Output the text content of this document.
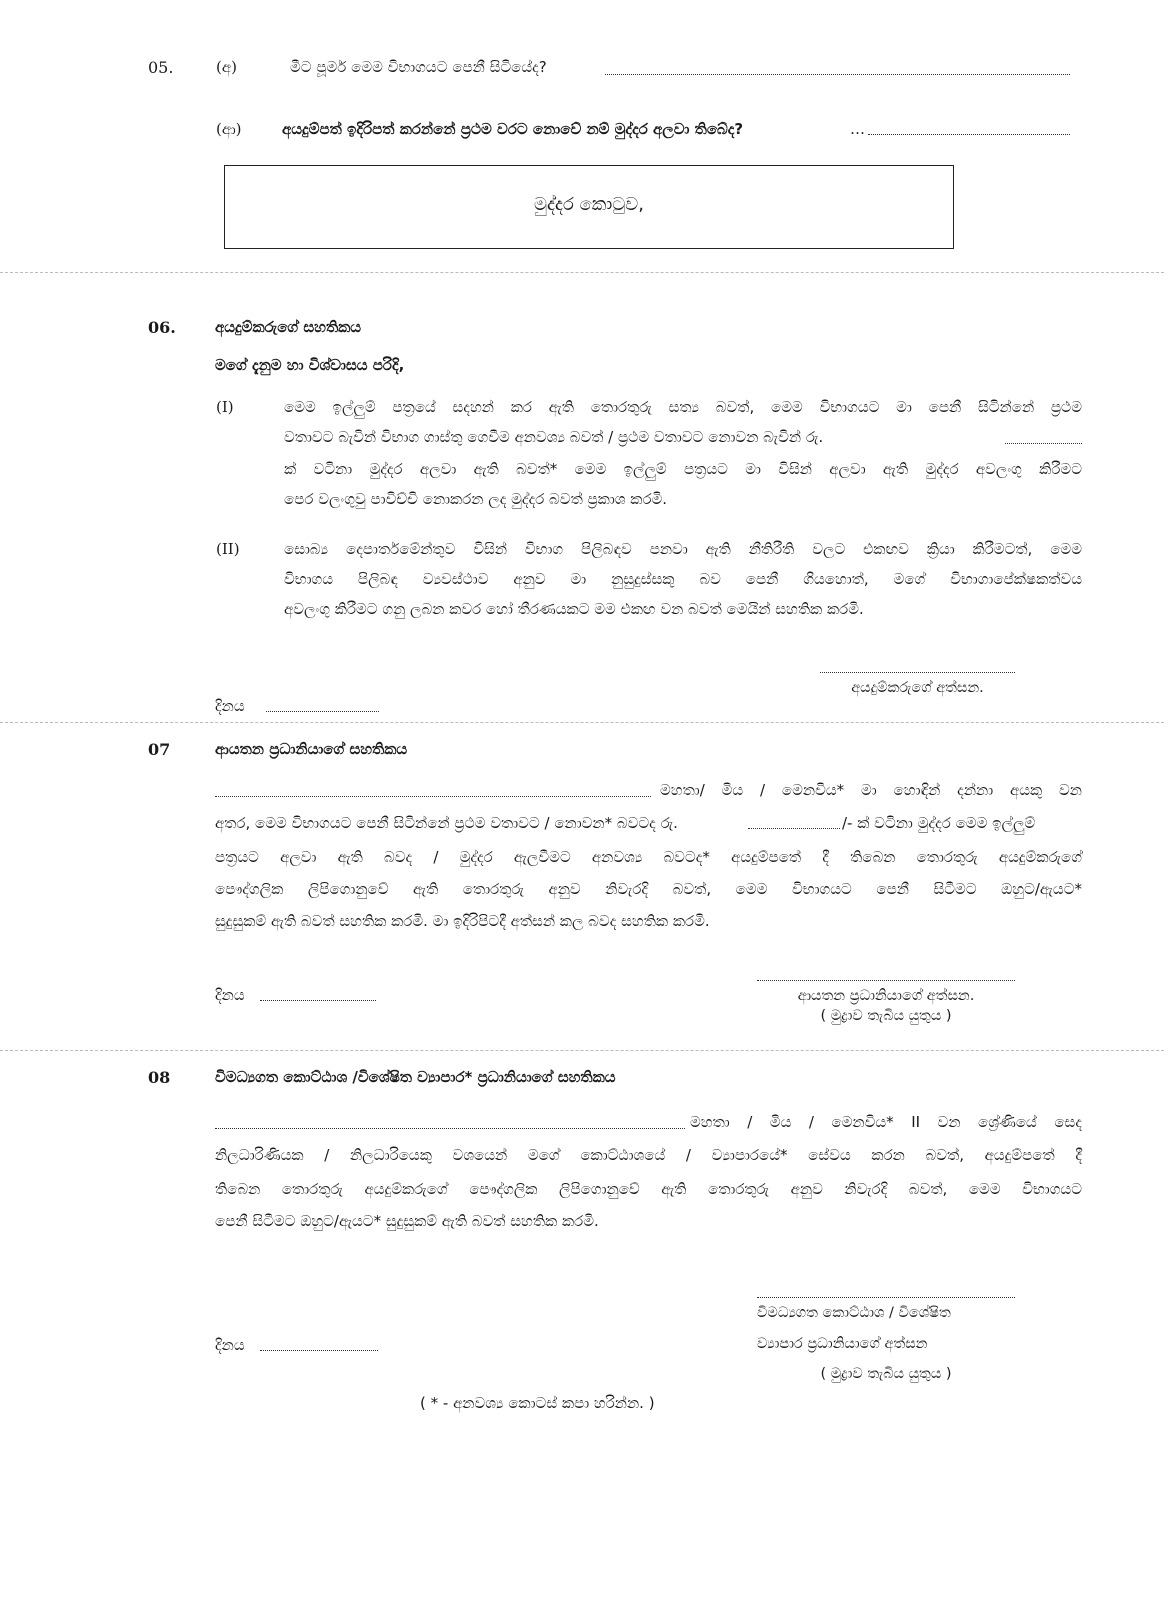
05.	(අ)	මීට පූර්ම මෙම විභාගයට පෙනී සිටියේද?
(ආ)	අයදුම්පත් ඉදිරිපත් කරන්නේ ප්‍රථම වරට නොවේ නම් මුද්දර අලවා තිබේද?	…
මුද්දර කොටුව,
06.	අයදුම්කරුගේ සහතිකය
මගේ දැනුම හා විශ්වාසය පරිදි,
(I)	මෙම ඉල්ලුම් පත්‍රයේ සදහන් කර ඇති තොරතුරු සත්‍ය බවත්, මෙම විභාගයට මා පෙනී සිටින්නේ ප්‍රථම
වතාවට බැවින් විභාග ගාස්තු ගෙවීම අනවශ්‍ය බවත් / ප්‍රථම වතාවට නොවන බැවින් රු.
ක් වටිනා මුද්දර අලවා ඇති බවත්* මෙම ඉල්ලුම් පත්‍රයට මා විසින් අලවා ඇති මුද්දර අවලංගු කිරීමට
පෙර වලංගුවු පාවිච්චි නොකරන ලද මුද්දර බවත් ප්‍රකාශ කරමි.
(II)	සොබ්‍ය දෙපාර්තමේන්තුව විසින් විභාග පිලිබඳව පනවා ඇති නීතිරීති වලට එකඟව ක්‍රියා කිරීමටත්, මෙම
විභාගය පිලිබඳ ව්‍යවස්ථාව අනුව මා නුසුදුස්සකු බව පෙනී ගියහොත්, මගේ විභාගාපේක්ෂකත්වය
අවලංගු කිරීමට ගනු ලබන කවර හෝ තීරණයකට මම එකඟ වන බවත් මෙයින් සහතික කරමි.
අයදුම්කරුගේ අත්සන.
දිනය
07	ආයතන ප්‍රධානියාගේ සහතිකය
මහතා/ මිය / මෙනවිය* මා හොඳින් දන්නා අයකු වන
අතර, මෙම විභාගයට පෙනී සිටින්නේ ප්‍රථම වතාවට / නොවන* බවටද රු.	/- ක් වටිනා මුද්දර මෙම ඉල්ලුම්
පත්‍රයට අලවා ඇති බවද / මුද්දර ඇලවීමට අනවශ්‍ය බවටද* අයදුම්පතේ දී තිබෙන තොරතුරු අයදුම්කරුගේ
පෞද්ගලික ලිපිගොනුවේ ඇති තොරතුරු අනුව නිවැරදි බවත්, මෙම විභාගයට පෙනී සිටීමට ඔහුට/ඇයට*
සුදුසුකම් ඇති බවත් සහතික කරමි. මා ඉදිරිපිටදී අත්සන් කල බවද සහතික කරමි.
ආයතන ප්‍රධානියාගේ අත්සන.
( මුද්‍රාව තැබිය යුතුය )
දිනය
08	විමධ්‍යගත කොට්ඨාශ /විශේෂිත ව්‍යාපාර* ප්‍රධානියාගේ සහතිකය
මහතා / මිය / මෙනවිය* II වන ශ්‍රේණියේ සෙද
නිලධාරිණියක / නිලධාරියෙකු වශයෙන් මගේ කොට්ඨාශයේ / ව්‍යාපාරයේ* සේවය කරන බවත්, අයදුම්පතේ දී
තිබෙන තොරතුරු අයදුම්කරුගේ පෞද්ගලික ලිපිගොනුවේ ඇති තොරතුරු අනුව නිවැරදි බවත්, මෙම විභාගයට
පෙනී සිටීමට ඔහුට/ඇයට* සුදුසුකම් ඇති බවත් සහතික කරමි.
විමධ්‍යගත කොට්ඨාශ / විශේෂිත
ව්‍යාපාර ප්‍රධානියාගේ අත්සන
( මුද්‍රාව තැබිය යුතුය )
දිනය
( * - අනවශ්‍ය කොටස් කපා හරින්න. )
